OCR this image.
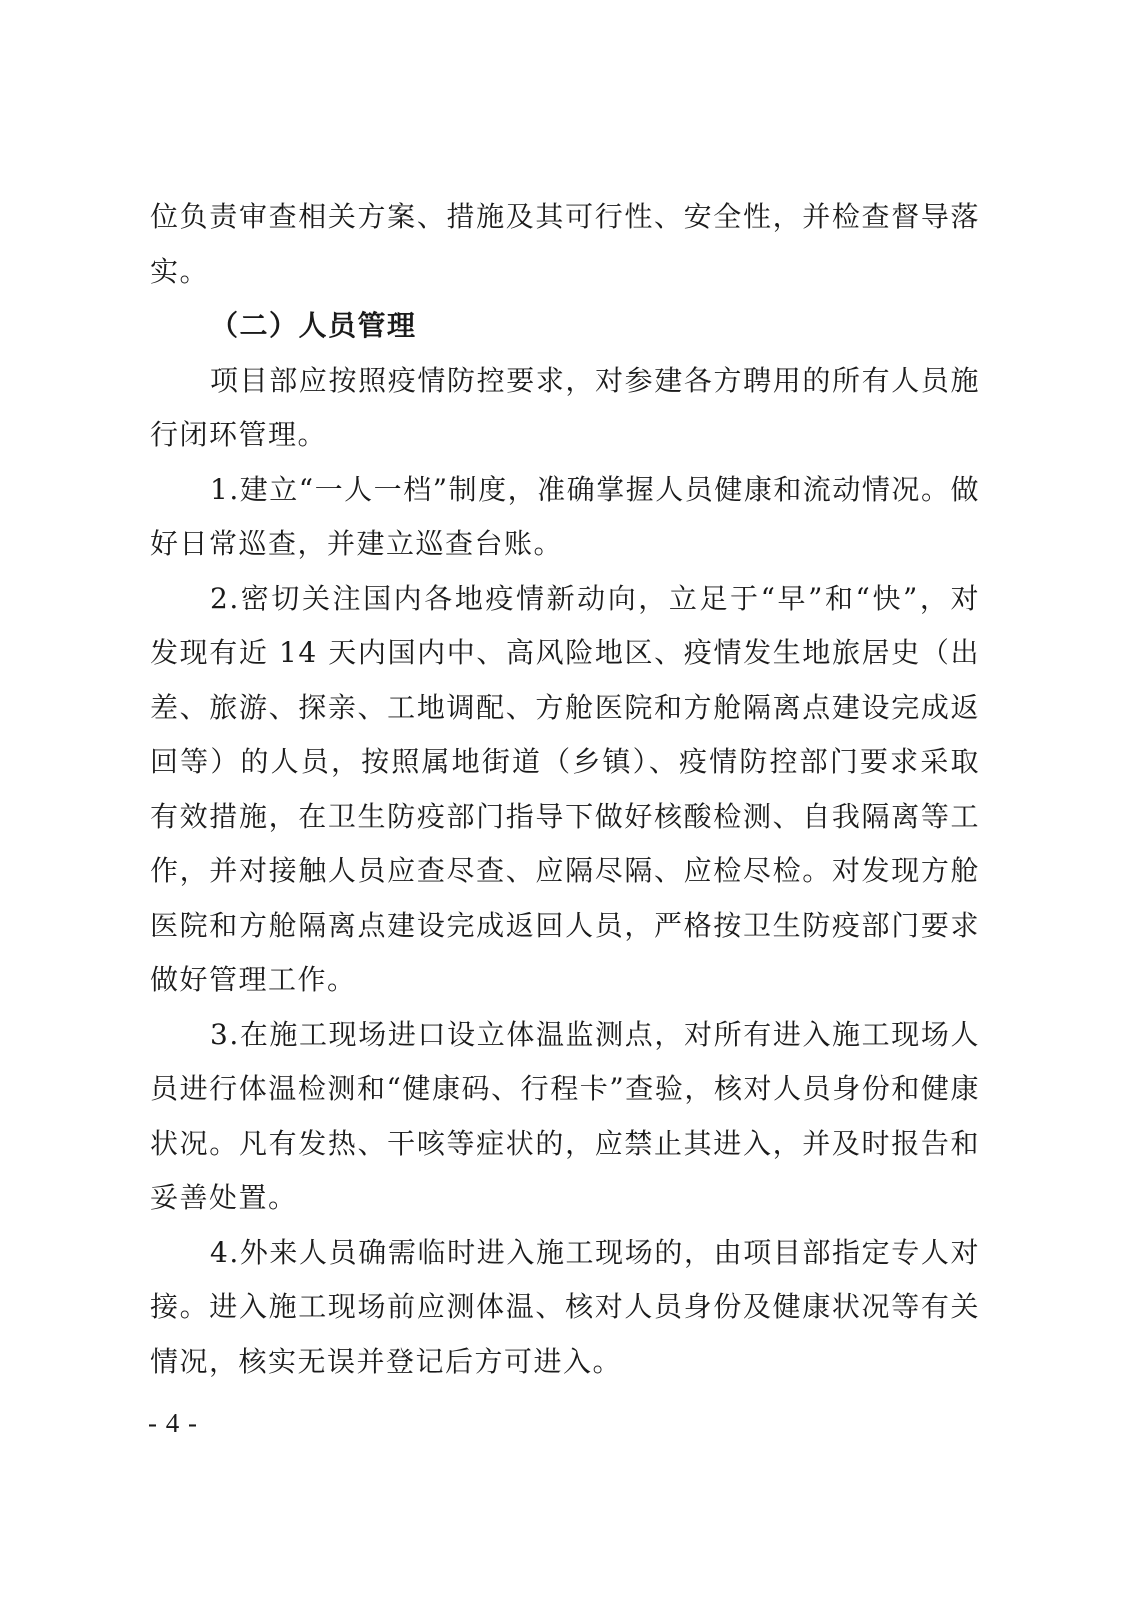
位负责审查相关方案、措施及其可行性、安全性，并检查督导落实。

（二）人员管理

项目部应按照疫情防控要求，对参建各方聘用的所有人员施行闭环管理。

1.建立“一人一档”制度，准确掌握人员健康和流动情况。做好日常巡查，并建立巡查台账。

2.密切关注国内各地疫情新动向，立足于“早”和“快”，对发现有近 14 天内国内中、高风险地区、疫情发生地旅居史（出差、旅游、探亲、工地调配、方舱医院和方舱隔离点建设完成返回等）的人员，按照属地街道（乡镇）、疫情防控部门要求采取有效措施，在卫生防疫部门指导下做好核酸检测、自我隔离等工作，并对接触人员应查尽查、应隔尽隔、应检尽检。对发现方舱医院和方舱隔离点建设完成返回人员，严格按卫生防疫部门要求做好管理工作。

3.在施工现场进口设立体温监测点，对所有进入施工现场人员进行体温检测和“健康码、行程卡”查验，核对人员身份和健康状况。凡有发热、干咳等症状的，应禁止其进入，并及时报告和妥善处置。

4.外来人员确需临时进入施工现场的，由项目部指定专人对接。进入施工现场前应测体温、核对人员身份及健康状况等有关情况，核实无误并登记后方可进入。

- 4 -
